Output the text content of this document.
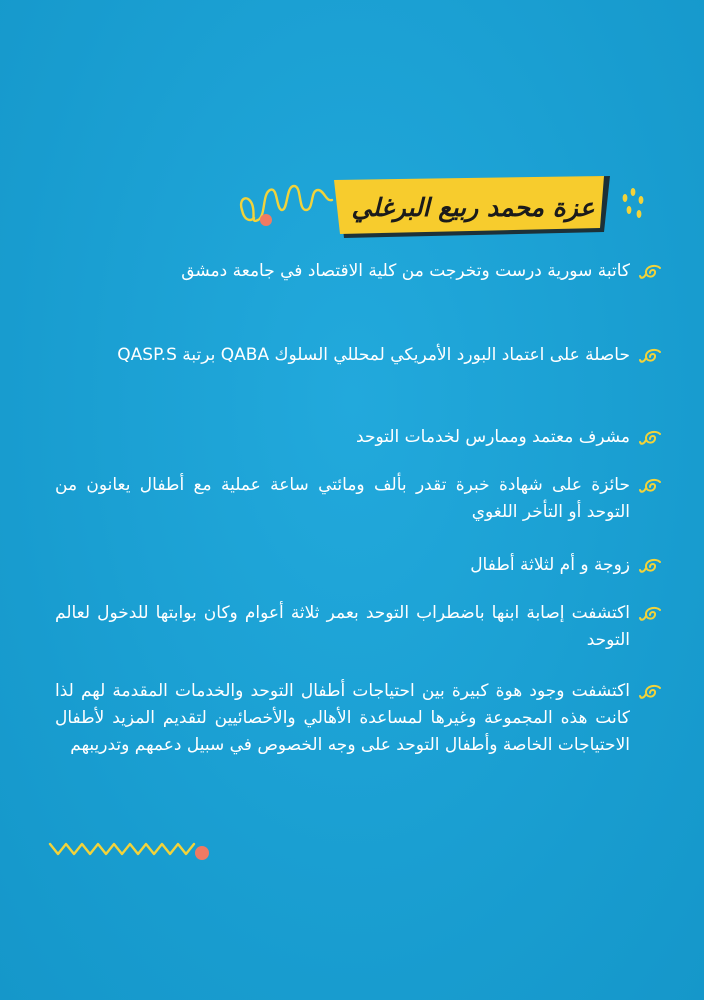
عزة محمد ربيع البرغلي
كاتبة سورية درست وتخرجت من كلية الاقتصاد في جامعة دمشق
حاصلة على اعتماد البورد الأمريكي لمحللي السلوك QABA برتبة QASP.S
مشرف معتمد وممارس لخدمات التوحد
حائزة على شهادة خبرة تقدر بألف ومائتي ساعة عملية مع أطفال يعانون من التوحد أو التأخر اللغوي
زوجة و أم لثلاثة أطفال
اكتشفت إصابة ابنها باضطراب التوحد بعمر ثلاثة أعوام وكان بوابتها للدخول لعالم التوحد
اكتشفت وجود هوة كبيرة بين احتياجات أطفال التوحد والخدمات المقدمة لهم لذا كانت هذه المجموعة وغيرها لمساعدة الأهالي والأخصائيين لتقديم المزيد لأطفال الاحتياجات الخاصة وأطفال التوحد على وجه الخصوص في سبيل دعمهم وتدريبهم
